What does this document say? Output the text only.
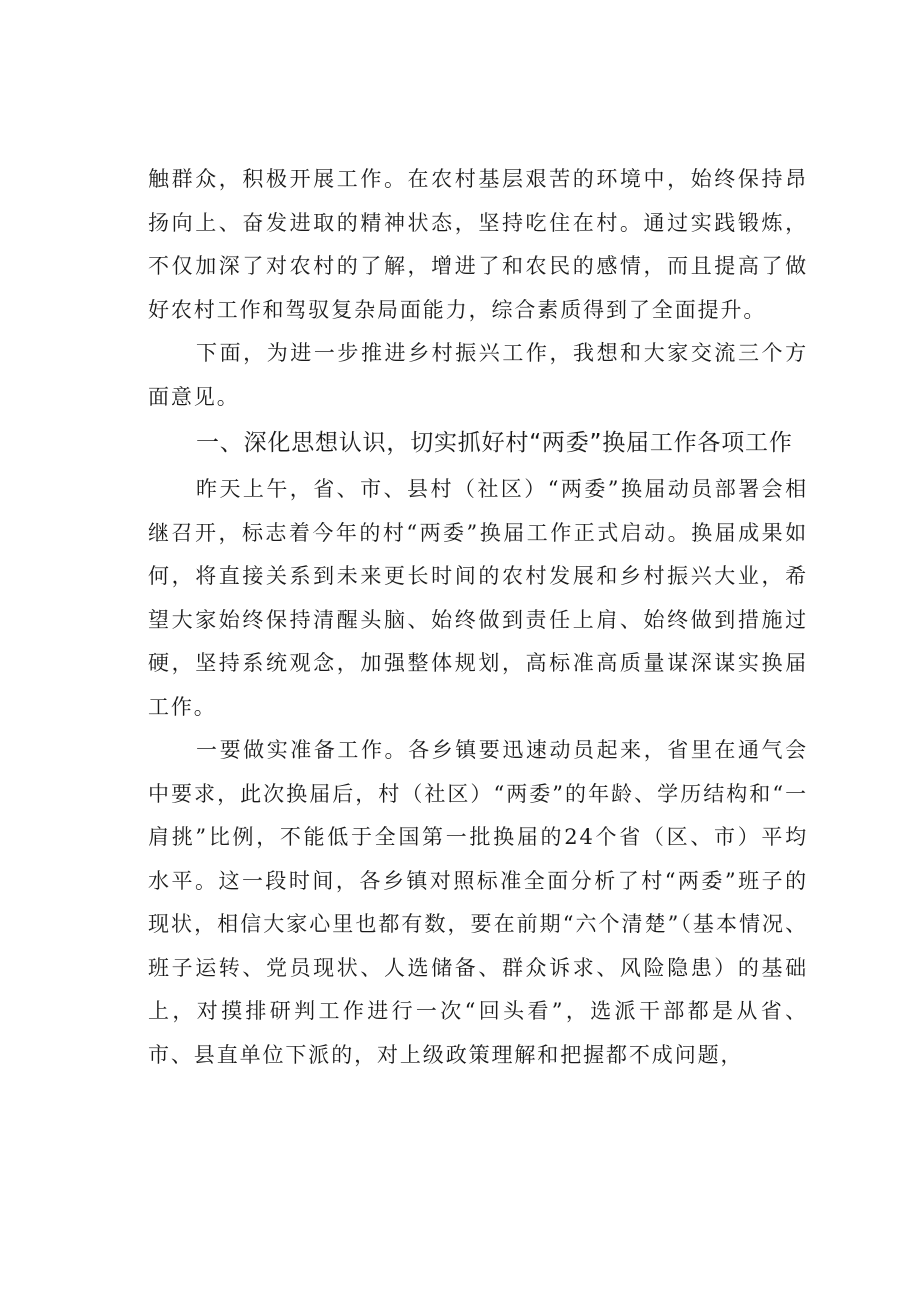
触群众，积极开展工作。在农村基层艰苦的环境中，始终保持昂扬向上、奋发进取的精神状态，坚持吃住在村。通过实践锻炼，不仅加深了对农村的了解，增进了和农民的感情，而且提高了做好农村工作和驾驭复杂局面能力，综合素质得到了全面提升。

下面，为进一步推进乡村振兴工作，我想和大家交流三个方面意见。

一、深化思想认识，切实抓好村“两委”换届工作各项工作

昨天上午，省、市、县村（社区）“两委”换届动员部署会相继召开，标志着今年的村“两委”换届工作正式启动。换届成果如何，将直接关系到未来更长时间的农村发展和乡村振兴大业，希望大家始终保持清醒头脑、始终做到责任上肩、始终做到措施过硬，坚持系统观念，加强整体规划，高标准高质量谋深谋实换届工作。

一要做实准备工作。各乡镇要迅速动员起来，省里在通气会中要求，此次换届后，村（社区）“两委”的年龄、学历结构和“一肩挑”比例，不能低于全国第一批换届的24个省（区、市）平均水平。这一段时间，各乡镇对照标准全面分析了村“两委”班子的现状，相信大家心里也都有数，要在前期“六个清楚”（基本情况、班子运转、党员现状、人选储备、群众诉求、风险隐患）的基础上，对摸排研判工作进行一次“回头看”，选派干部都是从省、市、县直单位下派的，对上级政策理解和把握都不成问题，
